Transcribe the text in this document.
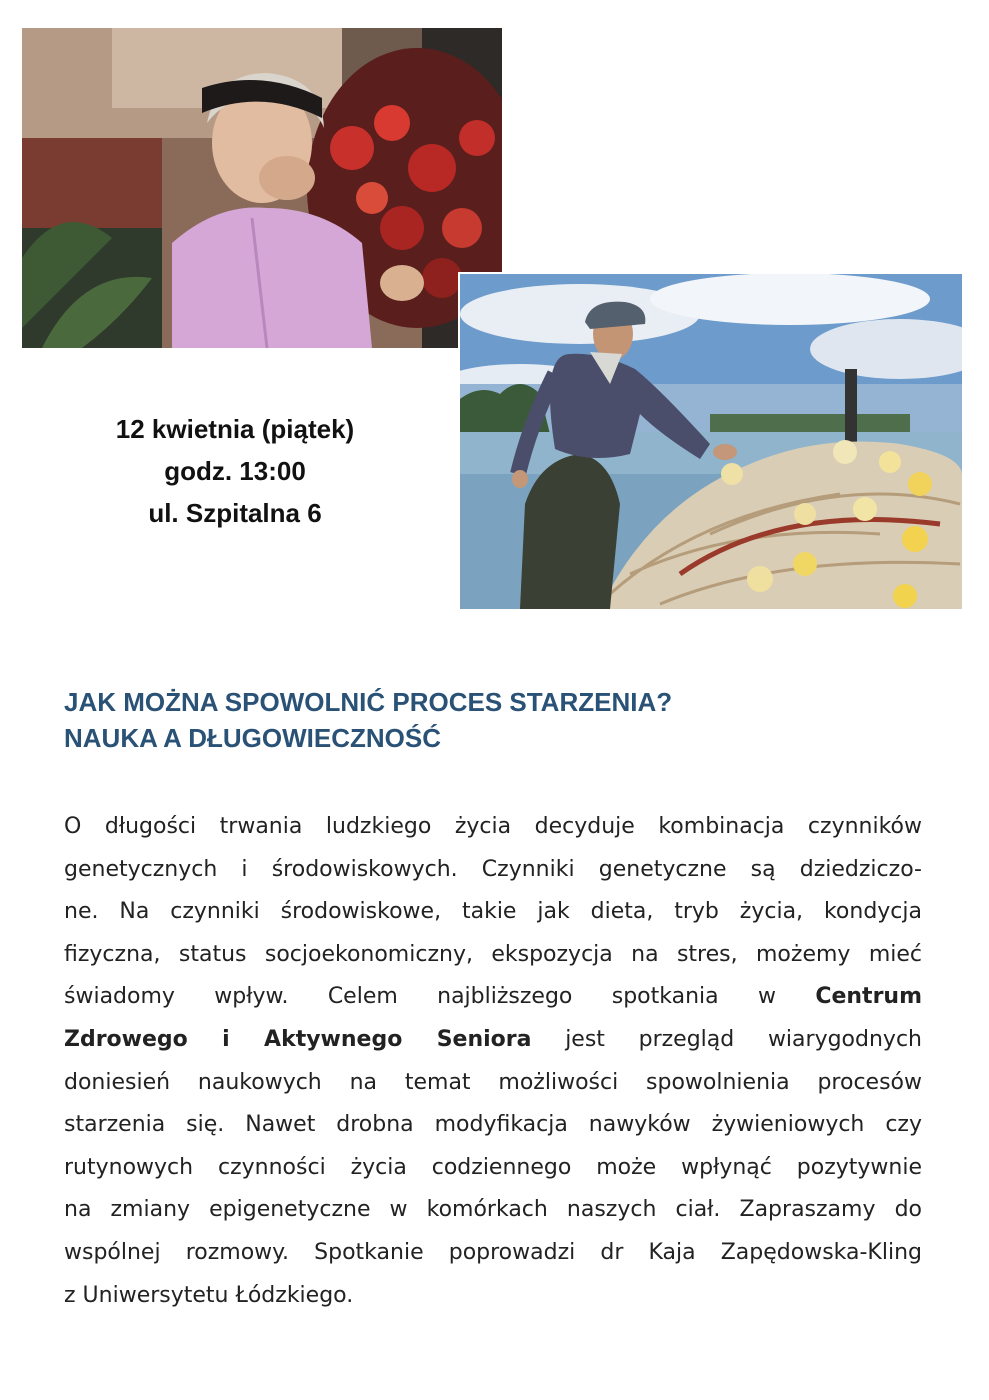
12 kwietnia (piątek)
godz. 13:00
ul. Szpitalna 6
JAK MOŻNA SPOWOLNIĆ PROCES STARZENIA?
NAUKA A DŁUGOWIECZNOŚĆ
O długości trwania ludzkiego życia decyduje kombinacja czynników
genetycznych i środowiskowych. Czynniki genetyczne są dziedziczo-
ne. Na czynniki środowiskowe, takie jak dieta, tryb życia, kondycja
fizyczna, status socjoekonomiczny, ekspozycja na stres, możemy mieć
świadomy wpływ. Celem najbliższego spotkania w Centrum
Zdrowego i Aktywnego Seniora jest przegląd wiarygodnych
doniesień naukowych na temat możliwości spowolnienia procesów
starzenia się. Nawet drobna modyfikacja nawyków żywieniowych czy
rutynowych czynności życia codziennego może wpłynąć pozytywnie
na zmiany epigenetyczne w komórkach naszych ciał. Zapraszamy do
wspólnej rozmowy. Spotkanie poprowadzi dr Kaja Zapędowska-Kling
z Uniwersytetu Łódzkiego.
